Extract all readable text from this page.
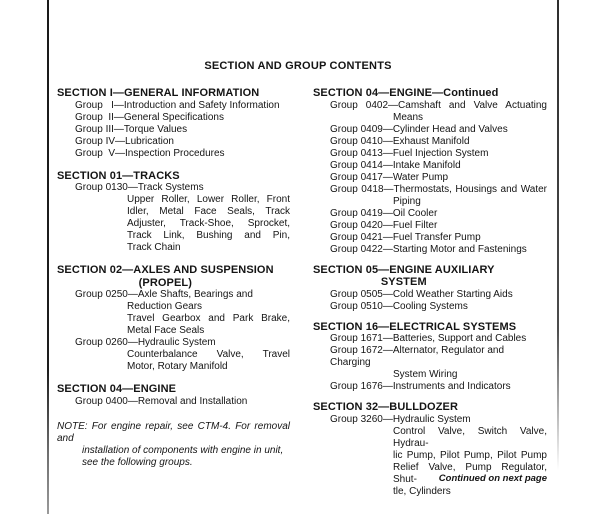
SECTION AND GROUP CONTENTS
SECTION I—GENERAL INFORMATION
Group   I—Introduction and Safety Information
Group  II—General Specifications
Group III—Torque Values
Group IV—Lubrication
Group  V—Inspection Procedures
SECTION 01—TRACKS
Group 0130—Track Systems
Upper Roller, Lower Roller, Front
Idler, Metal Face Seals, Track
Adjuster, Track-Shoe, Sprocket,
Track Link, Bushing and Pin,
Track Chain
SECTION 02—AXLES AND SUSPENSION
(PROPEL)
Group 0250—Axle Shafts, Bearings and
Reduction Gears
Travel Gearbox and Park Brake,
Metal Face Seals
Group 0260—Hydraulic System
Counterbalance Valve, Travel
Motor, Rotary Manifold
SECTION 04—ENGINE
Group 0400—Removal and Installation
NOTE: For engine repair, see CTM-4. For removal and
installation of components with engine in unit,
see the following groups.
SECTION 04—ENGINE—Continued
Group 0402—Camshaft and Valve Actuating
Means
Group 0409—Cylinder Head and Valves
Group 0410—Exhaust Manifold
Group 0413—Fuel Injection System
Group 0414—Intake Manifold
Group 0417—Water Pump
Group 0418—Thermostats, Housings and Water
Piping
Group 0419—Oil Cooler
Group 0420—Fuel Filter
Group 0421—Fuel Transfer Pump
Group 0422—Starting Motor and Fastenings
SECTION 05—ENGINE AUXILIARY
SYSTEM
Group 0505—Cold Weather Starting Aids
Group 0510—Cooling Systems
SECTION 16—ELECTRICAL SYSTEMS
Group 1671—Batteries, Support and Cables
Group 1672—Alternator, Regulator and Charging
System Wiring
Group 1676—Instruments and Indicators
SECTION 32—BULLDOZER
Group 3260—Hydraulic System
Control Valve, Switch Valve, Hydrau-
lic Pump, Pilot Pump, Pilot Pump
Relief Valve, Pump Regulator, Shut-
tle, Cylinders
Continued on next page
